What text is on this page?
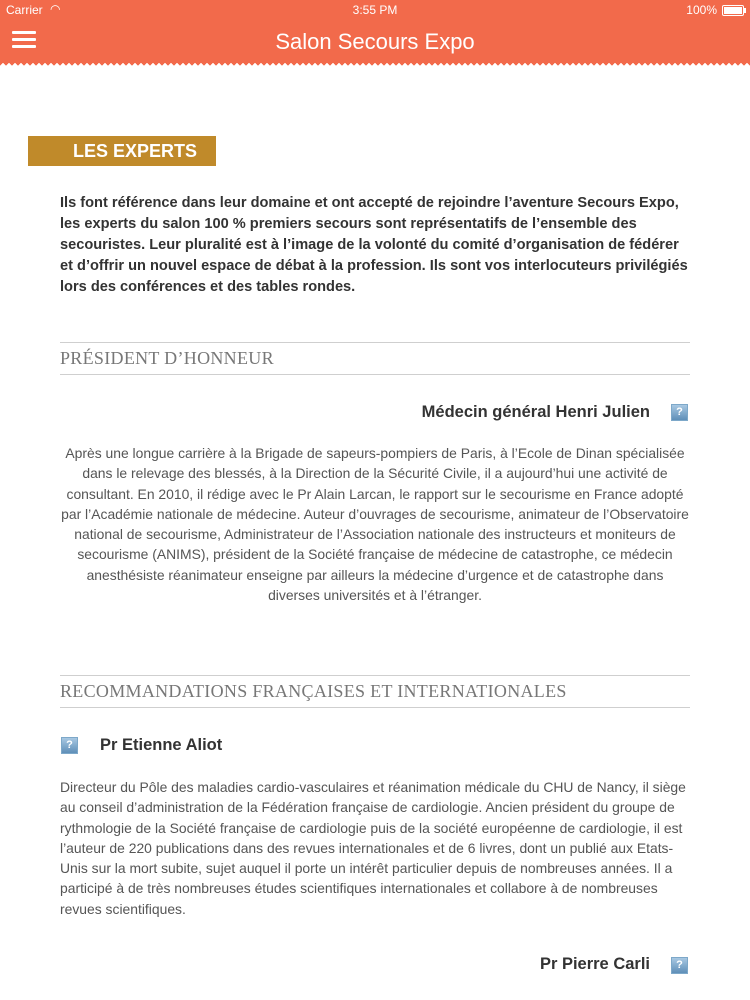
Carrier ◠	3:55 PM	100%
Salon Secours Expo
LES EXPERTS
Ils font référence dans leur domaine et ont accepté de rejoindre l’aventure Secours Expo, les experts du salon 100 % premiers secours sont représentatifs de l’ensemble des secouristes. Leur pluralité est à l’image de la volonté du comité d’organisation de fédérer et d’offrir un nouvel espace de débat à la profession. Ils sont vos interlocuteurs privilégiés lors des conférences et des tables rondes.
PRÉSIDENT D’HONNEUR
Médecin général Henri Julien	?
Après une longue carrière à la Brigade de sapeurs-pompiers de Paris, à l’Ecole de Dinan spécialisée dans le relevage des blessés, à la Direction de la Sécurité Civile, il a aujourd’hui une activité de consultant. En 2010, il rédige avec le Pr Alain Larcan, le rapport sur le secourisme en France adopté par l’Académie nationale de médecine. Auteur d’ouvrages de secourisme, animateur de l’Observatoire national de secourisme, Administrateur de l’Association nationale des instructeurs et moniteurs de secourisme (ANIMS), président de la Société française de médecine de catastrophe, ce médecin anesthésiste réanimateur enseigne par ailleurs la médecine d’urgence et de catastrophe dans diverses universités et à l’étranger.
RECOMMANDATIONS FRANÇAISES ET INTERNATIONALES
?	Pr Etienne Aliot
Directeur du Pôle des maladies cardio-vasculaires et réanimation médicale du CHU de Nancy, il siège au conseil d’administration de la Fédération française de cardiologie. Ancien président du groupe de rythmologie de la Société française de cardiologie puis de la société européenne de cardiologie, il est l’auteur de 220 publications dans des revues internationales et de 6 livres, dont un publié aux Etats-Unis sur la mort subite, sujet auquel il porte un intérêt particulier depuis de nombreuses années. Il a participé à de très nombreuses études scientifiques internationales et collabore à de nombreuses revues scientifiques.
Pr Pierre Carli	?
